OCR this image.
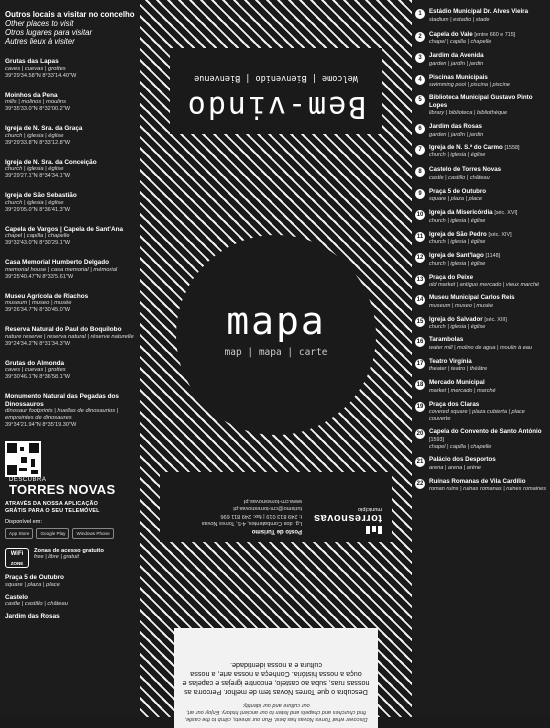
Outros locais a visitar no concelho
Other places to visit
Otros lugares para visitar
Autres lieux à visiter
Grutas das Lapas
caves | cuevas | grottes
39°29'34.58"N 8°33'14.40"W
Moinhos da Pena
mills | molinos | moulins
39°35'33.0"N 8°32'00.2"W
Igreja de N. Sra. da Graça
church | iglesia | église
39°29'33.8"N 8°33'12.8"W
Igreja de N. Sra. da Conceição
church | iglesia | église
39°29'27.1"N 8°34'34.1"W
Igreja de São Sebastião
church | iglesia | église
39°29'05.0"N 8°36'41.3"W
Capela de Vargos | Capela de Sant'Ana
chapel | capilla | chapelle
39°32'43.0"N 8°30'29.1"W
Casa Memorial Humberto Delgado
memorial house | casa memorial | mémorial
39°25'40.47"N 8°33'5.61"W
Museu Agrícola de Riachos
museum | museo | musée
39°26'34.7"N 8°30'45.0"W
Reserva Natural do Paul do Boquilobo
nature reserve | reserva natural | réserve naturelle
39°24'34.2"N 8°31'34.3"W
Grutas do Almonda
caves | cuevas | grottes
39°30'46.1"N 8°36'58.1"W
Monumento Natural das Pegadas dos Dinossauros
dinosaur footprints | huellas de dinosaurios | empreintes de dinosaures
39°34'21.94"N 8°35'19.30"W

DESCUBRA
TORRES NOVAS
ATRAVÉS DA NOSSA APLICAÇÃO
GRÁTIS PARA O SEU TELEMÓVEL
Disponível em:
App Store	Google Play	Windows Phone
WiFi
ZONE
Zonas de acesso gratuito
free | libre | gratuit
Praça 5 de Outubro
square | plaza | place
Castelo
castle | castillo | château
Jardim das Rosas
Bem-vindo
Welcome | Bienvenido | Bienvenue
mapa
map | mapa | carte
torresnovas
município
Posto de Turismo
Lg. dos Combatentes, 4-5, Torres Novas
t: 249 813 019 | fax: 249 811 696
turismo@cm-torresnovas.pt
www.cm-torresnovas.pt
Discover what Torres Novas has best. Run our streets, climb to the castle, find churches and chapels and listen to our ancient history. Enjoy our art, our culture and our identity.
Descubra o que Torres Novas tem de melhor. Percorra as nossas ruas, suba ao castelo, encontre igrejas e capelas e ouça a nossa história. Conheça a nossa arte, a nossa cultura e a nossa identidade.
1	Estádio Municipal Dr. Alves Vieira
stadium | estadio | stade
2	Capela do Vale [entre 660 e 715]
chapel | capilla | chapelle
3	Jardim da Avenida
garden | jardín | jardin
4	Piscinas Municipais
swimming pool | piscina | piscine
5	Biblioteca Municipal Gustavo Pinto Lopes
library | biblioteca | bibliothèque
6	Jardim das Rosas
garden | jardín | jardin
7	Igreja de N. S.ª do Carmo [1558]
church | iglesia | église
8	Castelo de Torres Novas
castle | castillo | château
9	Praça 5 de Outubro
square | plaza | place
10 Igreja da Misericórdia [séc. XVI]
church | iglesia | église
11 Igreja de São Pedro [séc. XIV]
church | iglesia | église
12 Igreja de Sant'Iago [1148]
church | iglesia | église
13 Praça do Peixe
old market | antiguo mercado | vieux marché
14 Museu Municipal Carlos Reis
museum | museo | musée
15 Igreja do Salvador [séc. XIII]
church | iglesia | église
16 Tarambolas
water mill | molino de agua | moulin à eau
17 Teatro Virgínia
theater | teatro | théâtre
18 Mercado Municipal
market | mercado | marché
19 Praça dos Claras
covered square | plaza cubierta | place couverte
20 Capela do Convento de Santo António [1593]
chapel | capilla | chapelle
21 Palácio dos Desportos
arena | arena | arène
22 Ruínas Romanas de Vila Cardílio
roman ruins | ruinas romanas | ruines romaines
